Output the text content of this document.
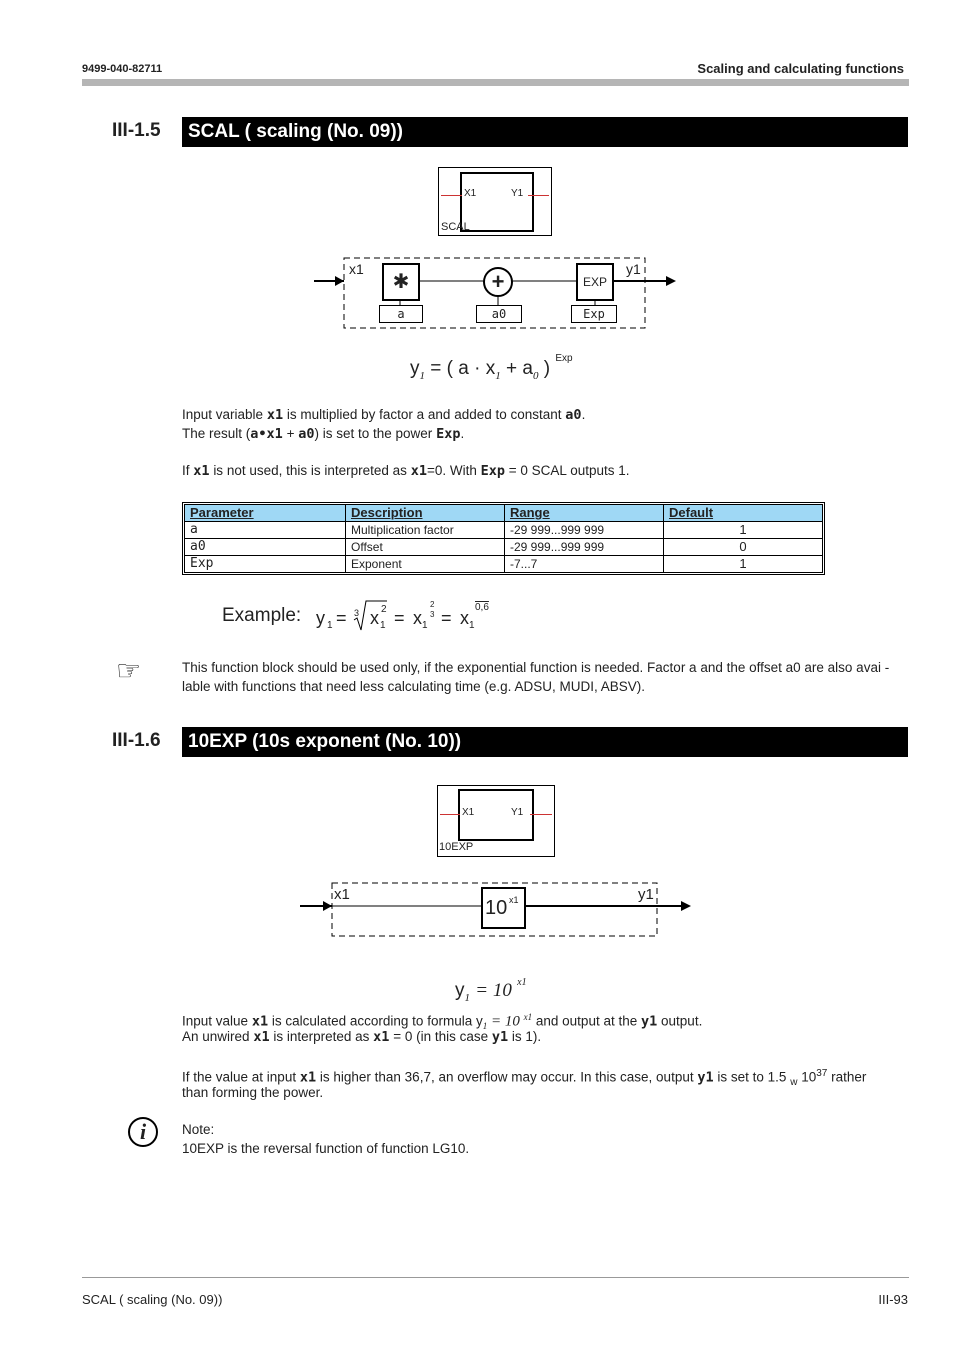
9499-040-82711	Scaling and calculating functions
III-1.5	SCAL ( scaling (No. 09))
X1	Y1
SCAL
x1	y1
✱	+	EXP
a	a0	Exp
$y_1$ = ( $a \cdot x_1 + a_0$ ) $^{Exp}$
Input variable x1 is multiplied by factor a and added to constant a0.
The result (a•x1 + a0) is set to the power Exp.
If x1 is not used, this is interpreted as x1=0. With Exp = 0 SCAL outputs 1.
Parameter	Description	Range	Default
a	Multiplication factor	-29 999...999 999	1
a0	Offset	-29 999...999 999	0
Exp	Exponent	-7...7	1
Example: y 1 = 3 x 2
1 = x 1
2
3 = x 1
0,6
☞	This function block should be used only, if the exponential function is needed. Factor a and the offset a0 are also avai -
lable with functions that need less calculating time (e.g. ADSU, MUDI, ABSV).
III-1.6	10EXP (10s exponent (No. 10))
X1	Y1
10EXP
x1	y1
10 x1
$y_1 = 10$ $^{x1}$
Input value x1 is calculated according to formula $y_1 = 10$ $^{x1}$ and output at the y1 output.
An unwired x1 is interpreted as x1 = 0 (in this case y1 is 1).
If the value at input x1 is higher than 36,7, an overflow may occur. In this case, output y1 is set to 1.5 $_w$ $10^{37}$ rather
than forming the power.
i	Note:
10EXP is the reversal function of function LG10.
SCAL ( scaling (No. 09))	III-93
